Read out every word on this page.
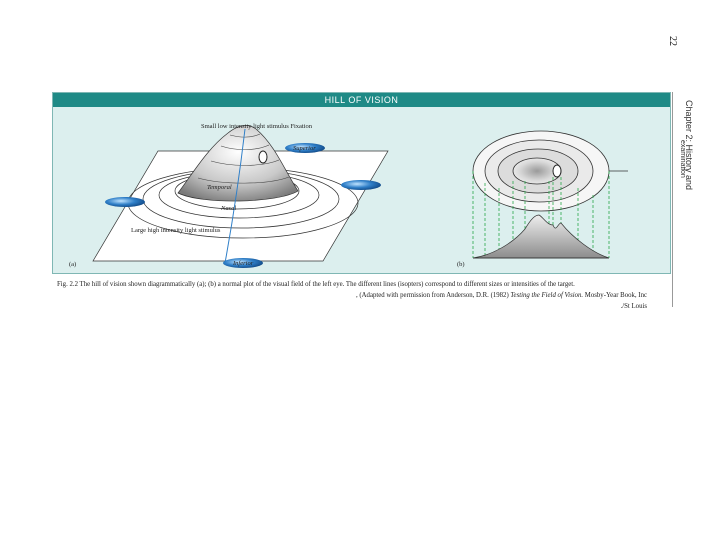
22
Chapter 2: History and
examination
HILL OF VISION
Small low intensity light stimulus Fixation
Superior
Temporal
Nasal
Large high intensity light stimulus
Inferior
(a)	(b)
Fig. 2.2 The hill of vision shown diagrammatically (a); (b) a normal plot of the visual field of the left eye. The different lines (isopters) correspond to different sizes or intensities of the target.
, (Adapted with permission from Anderson, D.R. (1982) Testing the Field of Vision. Mosby-Year Book, Inc
./St Louis
